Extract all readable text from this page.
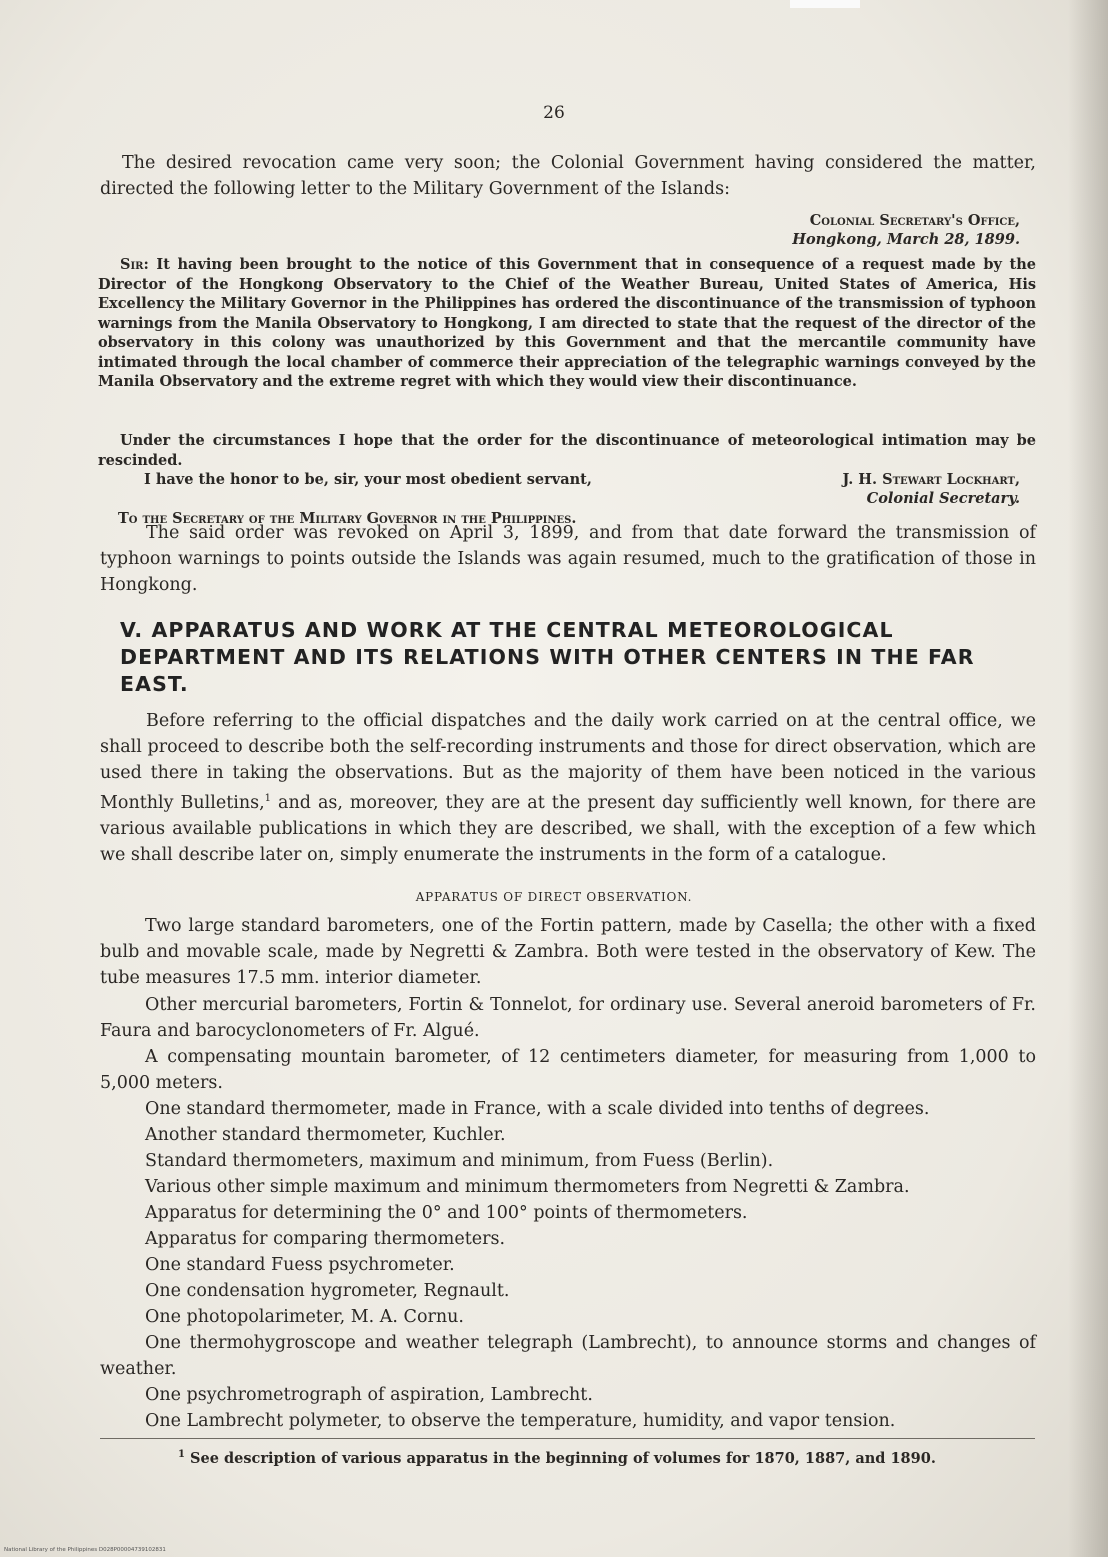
26

The desired revocation came very soon; the Colonial Government having considered the matter, directed the following letter to the Military Government of the Islands:

Colonial Secretary's Office,

Hongkong, March 28, 1899.

Sir: It having been brought to the notice of this Government that in consequence of a request made by the Director of the Hongkong Observatory to the Chief of the Weather Bureau, United States of America, His Excellency the Military Governor in the Philippines has ordered the discontinuance of the transmission of typhoon warnings from the Manila Observatory to Hongkong, I am directed to state that the request of the director of the observatory in this colony was unauthorized by this Government and that the mercantile community have intimated through the local chamber of commerce their appreciation of the telegraphic warnings conveyed by the Manila Observatory and the extreme regret with which they would view their discontinuance.

Under the circumstances I hope that the order for the discontinuance of meteorological intimation may be rescinded.

I have the honor to be, sir, your most obedient servant,	J. H. Stewart Lockhart,

Colonial Secretary.

To the Secretary of the Military Governor in the Philippines.

The said order was revoked on April 3, 1899, and from that date forward the transmission of typhoon warnings to points outside the Islands was again resumed, much to the gratification of those in Hongkong.

V. APPARATUS AND WORK AT THE CENTRAL METEOROLOGICAL DEPARTMENT AND ITS RELATIONS WITH OTHER CENTERS IN THE FAR EAST.

Before referring to the official dispatches and the daily work carried on at the central office, we shall proceed to describe both the self-recording instruments and those for direct observation, which are used there in taking the observations. But as the majority of them have been noticed in the various Monthly Bulletins,$^1$ and as, moreover, they are at the present day sufficiently well known, for there are various available publications in which they are described, we shall, with the exception of a few which we shall describe later on, simply enumerate the instruments in the form of a catalogue.

APPARATUS OF DIRECT OBSERVATION.

Two large standard barometers, one of the Fortin pattern, made by Casella; the other with a fixed bulb and movable scale, made by Negretti & Zambra. Both were tested in the observatory of Kew. The tube measures 17.5 mm. interior diameter.

Other mercurial barometers, Fortin & Tonnelot, for ordinary use. Several aneroid barometers of Fr. Faura and barocyclonometers of Fr. Algué.

A compensating mountain barometer, of 12 centimeters diameter, for measuring from 1,000 to 5,000 meters.

One standard thermometer, made in France, with a scale divided into tenths of degrees.

Another standard thermometer, Kuchler.

Standard thermometers, maximum and minimum, from Fuess (Berlin).

Various other simple maximum and minimum thermometers from Negretti & Zambra.

Apparatus for determining the 0° and 100° points of thermometers.

Apparatus for comparing thermometers.

One standard Fuess psychrometer.

One condensation hygrometer, Regnault.

One photopolarimeter, M. A. Cornu.

One thermohygroscope and weather telegraph (Lambrecht), to announce storms and changes of weather.

One psychrometrograph of aspiration, Lambrecht.

One Lambrecht polymeter, to observe the temperature, humidity, and vapor tension.

$^1$ See description of various apparatus in the beginning of volumes for 1870, 1887, and 1890.

National Library of the Philippines D028P00004739102831
